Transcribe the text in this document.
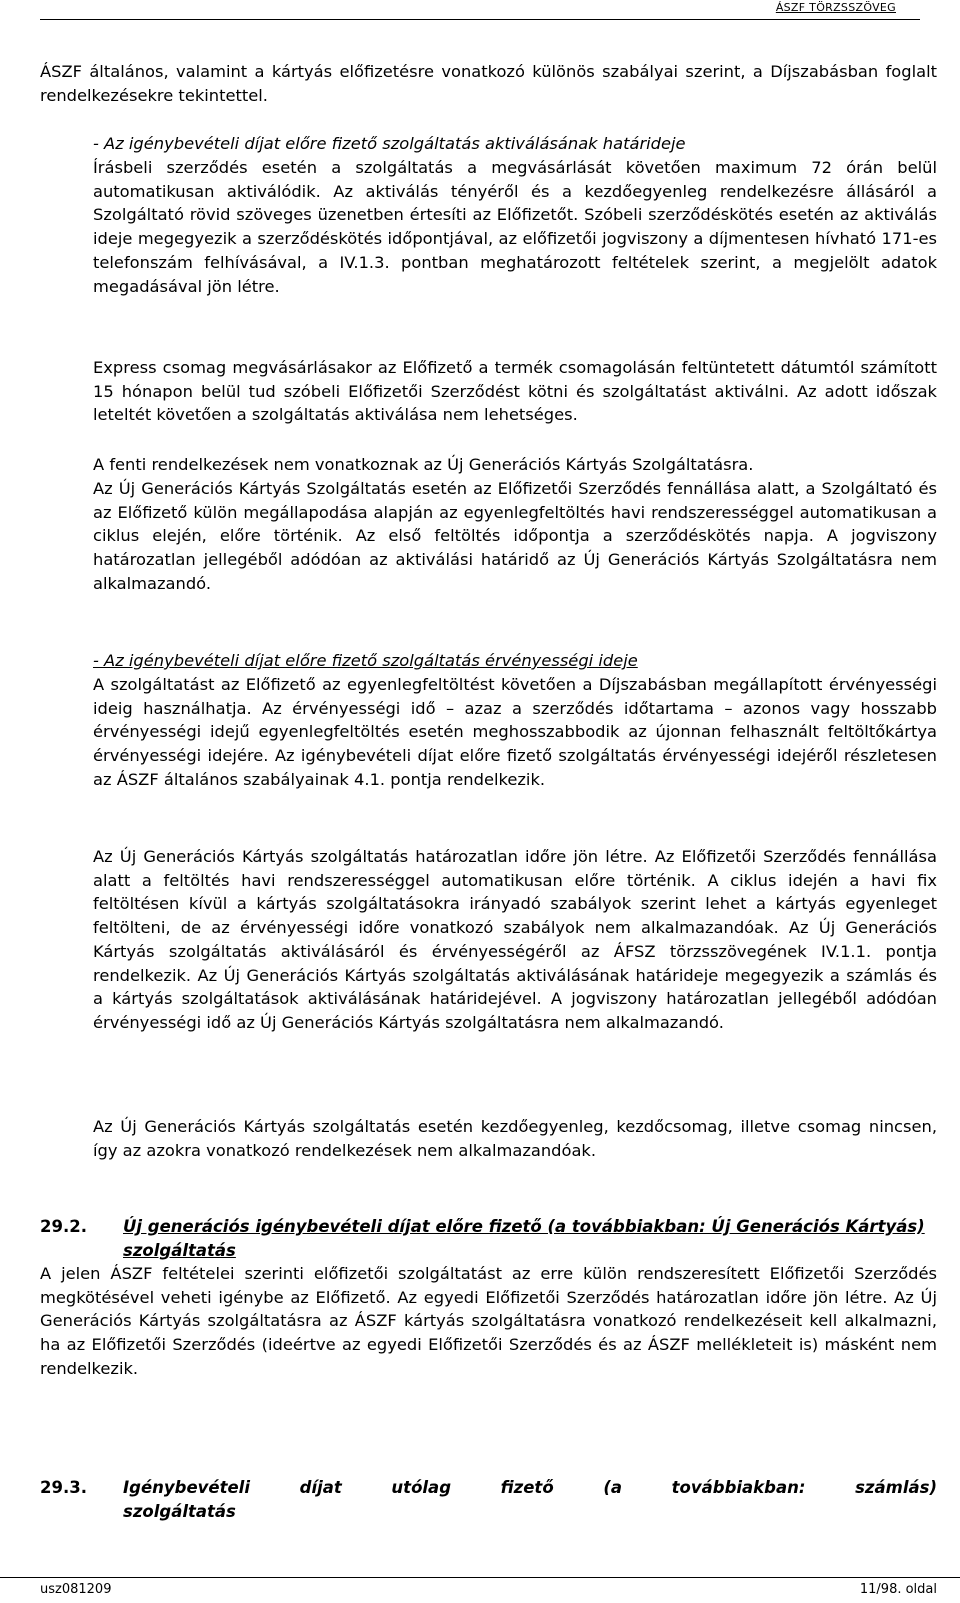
ÁSZF TÖRZSSZÖVEG

ÁSZF általános, valamint a kártyás előfizetésre vonatkozó különös szabályai szerint, a Díjszabásban foglalt rendelkezésekre tekintettel.

- Az igénybevételi díjat előre fizető szolgáltatás aktiválásának határideje

Írásbeli szerződés esetén a szolgáltatás a megvásárlását követően maximum 72 órán belül automatikusan aktiválódik. Az aktiválás tényéről és a kezdőegyenleg rendelkezésre állásáról a Szolgáltató rövid szöveges üzenetben értesíti az Előfizetőt. Szóbeli szerződéskötés esetén az aktiválás ideje megegyezik a szerződéskötés időpontjával, az előfizetői jogviszony a díjmentesen hívható 171-es telefonszám felhívásával, a IV.1.3. pontban meghatározott feltételek szerint, a megjelölt adatok megadásával jön létre.

Express csomag megvásárlásakor az Előfizető a termék csomagolásán feltüntetett dátumtól számított 15 hónapon belül tud szóbeli Előfizetői Szerződést kötni és szolgáltatást aktiválni. Az adott időszak leteltét követően a szolgáltatás aktiválása nem lehetséges.

A fenti rendelkezések nem vonatkoznak az Új Generációs Kártyás Szolgáltatásra.

Az Új Generációs Kártyás Szolgáltatás esetén az Előfizetői Szerződés fennállása alatt, a Szolgáltató és az Előfizető külön megállapodása alapján az egyenlegfeltöltés havi rendszerességgel automatikusan a ciklus elején, előre történik. Az első feltöltés időpontja a szerződéskötés napja. A jogviszony határozatlan jellegéből adódóan az aktiválási határidő az Új Generációs Kártyás Szolgáltatásra nem alkalmazandó.

- Az igénybevételi díjat előre fizető szolgáltatás érvényességi ideje

A szolgáltatást az Előfizető az egyenlegfeltöltést követően a Díjszabásban megállapított érvényességi ideig használhatja. Az érvényességi idő – azaz a szerződés időtartama – azonos vagy hosszabb érvényességi idejű egyenlegfeltöltés esetén meghosszabbodik az újonnan felhasznált feltöltőkártya érvényességi idejére. Az igénybevételi díjat előre fizető szolgáltatás érvényességi idejéről részletesen az ÁSZF általános szabályainak 4.1. pontja rendelkezik.

Az Új Generációs Kártyás szolgáltatás határozatlan időre jön létre. Az Előfizetői Szerződés fennállása alatt a feltöltés havi rendszerességgel automatikusan előre történik. A ciklus idején a havi fix feltöltésen kívül a kártyás szolgáltatásokra irányadó szabályok szerint lehet a kártyás egyenleget feltölteni, de az érvényességi időre vonatkozó szabályok nem alkalmazandóak. Az Új Generációs Kártyás szolgáltatás aktiválásáról és érvényességéről az ÁFSZ törzsszövegének IV.1.1. pontja rendelkezik. Az Új Generációs Kártyás szolgáltatás aktiválásának határideje megegyezik a számlás és a kártyás szolgáltatások aktiválásának határidejével. A jogviszony határozatlan jellegéből adódóan érvényességi idő az Új Generációs Kártyás szolgáltatásra nem alkalmazandó.

Az Új Generációs Kártyás szolgáltatás esetén kezdőegyenleg, kezdőcsomag, illetve csomag nincsen, így az azokra vonatkozó rendelkezések nem alkalmazandóak.

29.2. Új generációs igénybevételi díjat előre fizető (a továbbiakban: Új Generációs Kártyás) szolgáltatás

A jelen ÁSZF feltételei szerinti előfizetői szolgáltatást az erre külön rendszeresített Előfizetői Szerződés megkötésével veheti igénybe az Előfizető. Az egyedi Előfizetői Szerződés határozatlan időre jön létre. Az Új Generációs Kártyás szolgáltatásra az ÁSZF kártyás szolgáltatásra vonatkozó rendelkezéseit kell alkalmazni, ha az Előfizetői Szerződés (ideértve az egyedi Előfizetői Szerződés és az ÁSZF mellékleteit is) másként nem rendelkezik.

29.3. Igénybevételi díjat utólag fizető (a továbbiakban: számlás)
szolgáltatás
usz081209	11/98. oldal
